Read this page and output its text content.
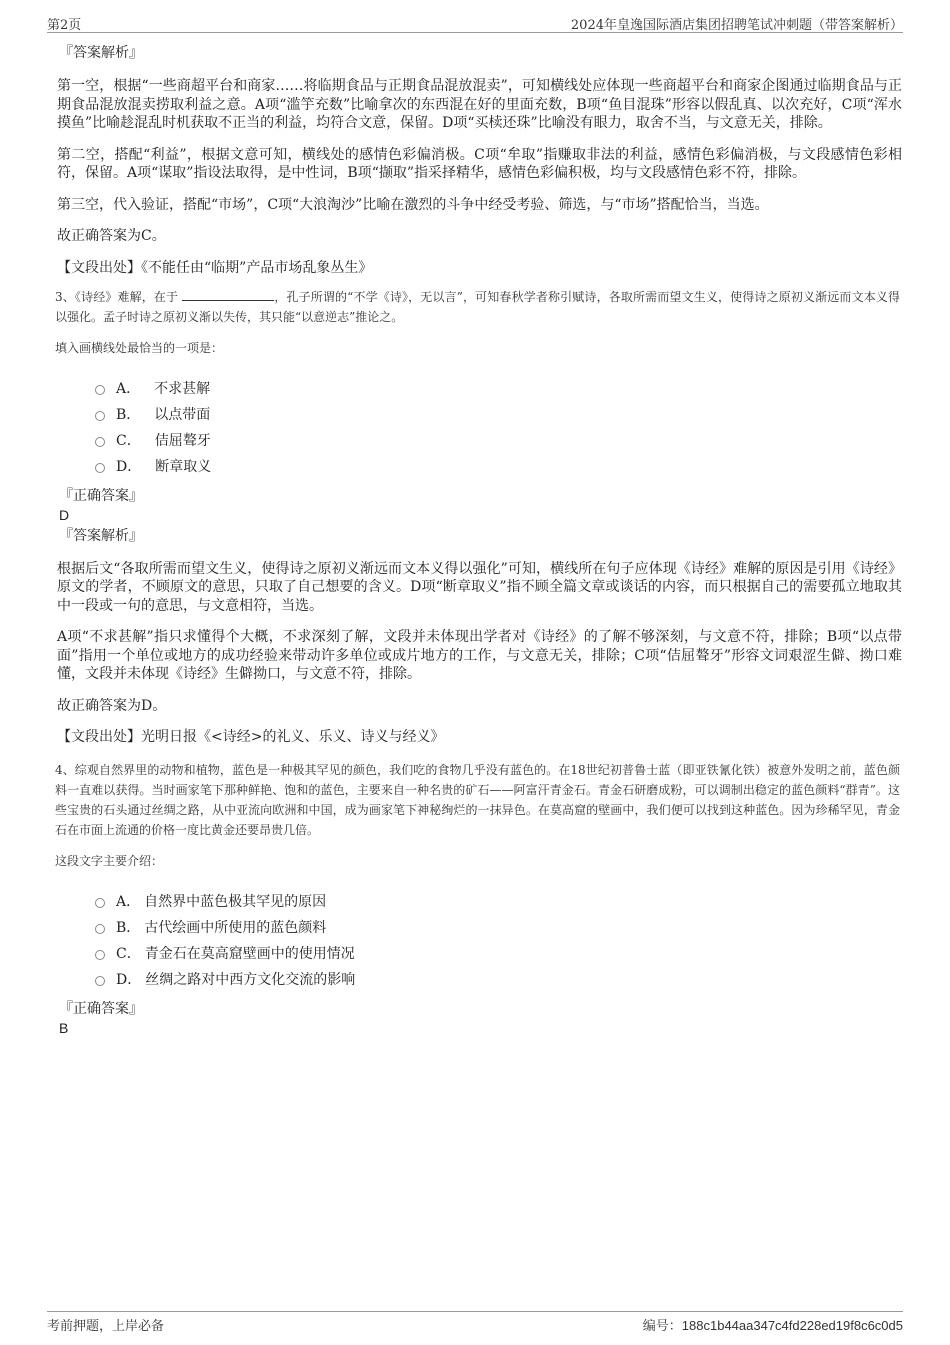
第2页	2024年皇逸国际酒店集团招聘笔试冲刺题（带答案解析）
『答案解析』

第一空，根据“一些商超平台和商家……将临期食品与正期食品混放混卖”，可知横线处应体现一些商超平台和商家企图通过临期食品与正期食品混放混卖捞取利益之意。A项“滥竽充数”比喻拿次的东西混在好的里面充数，B项“鱼目混珠”形容以假乱真、以次充好，C项“浑水摸鱼”比喻趁混乱时机获取不正当的利益，均符合文意，保留。D项“买椟还珠”比喻没有眼力，取舍不当，与文意无关，排除。

第二空，搭配“利益”，根据文意可知，横线处的感情色彩偏消极。C项“牟取”指赚取非法的利益，感情色彩偏消极，与文段感情色彩相符，保留。A项“谋取”指设法取得，是中性词，B项“撷取”指采择精华，感情色彩偏积极，均与文段感情色彩不符，排除。

第三空，代入验证，搭配“市场”，C项“大浪淘沙”比喻在激烈的斗争中经受考验、筛选，与“市场”搭配恰当，当选。

故正确答案为C。

【文段出处】《不能任由“临期”产品市场乱象丛生》

3、《诗经》难解，在于	，孔子所谓的“不学《诗》，无以言”，可知春秋学者称引赋诗，各取所需而望文生义，使得诗之原初义渐远而文本义得以强化。孟子时诗之原初义渐以失传，其只能“以意逆志”推论之。

填入画横线处最恰当的一项是：
A． 不求甚解
B． 以点带面
C． 佶屈聱牙
D． 断章取义
『正确答案』
D
『答案解析』

根据后文“各取所需而望文生义，使得诗之原初义渐远而文本义得以强化”可知，横线所在句子应体现《诗经》难解的原因是引用《诗经》原文的学者，不顾原文的意思，只取了自己想要的含义。D项“断章取义”指不顾全篇文章或谈话的内容，而只根据自己的需要孤立地取其中一段或一句的意思，与文意相符，当选。

A项“不求甚解”指只求懂得个大概，不求深刻了解，文段并未体现出学者对《诗经》的了解不够深刻，与文意不符，排除；B项“以点带面”指用一个单位或地方的成功经验来带动许多单位或成片地方的工作，与文意无关，排除；C项“佶屈聱牙”形容文词艰涩生僻、拗口难懂，文段并未体现《诗经》生僻拗口，与文意不符，排除。

故正确答案为D。

【文段出处】光明日报《<诗经>的礼义、乐义、诗义与经义》

4、综观自然界里的动物和植物，蓝色是一种极其罕见的颜色，我们吃的食物几乎没有蓝色的。在18世纪初普鲁士蓝（即亚铁氰化铁）被意外发明之前，蓝色颜料一直难以获得。当时画家笔下那种鲜艳、饱和的蓝色，主要来自一种名贵的矿石——阿富汗青金石。青金石研磨成粉，可以调制出稳定的蓝色颜料“群青”。这些宝贵的石头通过丝绸之路，从中亚流向欧洲和中国，成为画家笔下神秘绚烂的一抹异色。在莫高窟的壁画中，我们便可以找到这种蓝色。因为珍稀罕见，青金石在市面上流通的价格一度比黄金还要昂贵几倍。

这段文字主要介绍：
A． 自然界中蓝色极其罕见的原因
B． 古代绘画中所使用的蓝色颜料
C． 青金石在莫高窟壁画中的使用情况
D． 丝绸之路对中西方文化交流的影响
『正确答案』
B
考前押题，上岸必备	编号：188c1b44aa347c4fd228ed19f8c6c0d5
